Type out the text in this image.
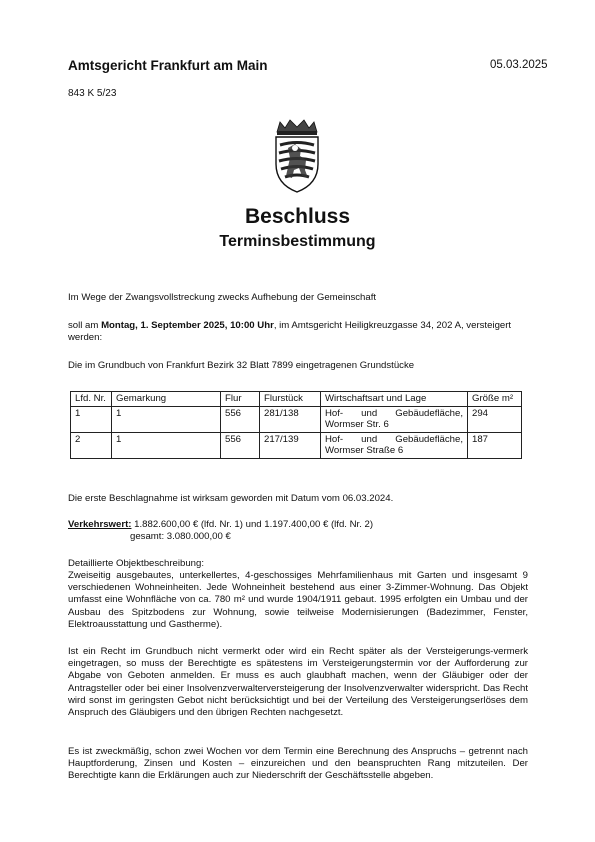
Amtsgericht Frankfurt am Main	05.03.2025
843 K 5/23
Beschluss
Terminsbestimmung
Im Wege der Zwangsvollstreckung zwecks Aufhebung der Gemeinschaft
soll am Montag, 1. September 2025, 10:00 Uhr, im Amtsgericht Heiligkreuzgasse 34, 202 A, versteigert werden:
Die im Grundbuch von Frankfurt Bezirk 32 Blatt 7899 eingetragenen Grundstücke
Lfd. Nr.	Gemarkung	Flur	Flurstück	Wirtschaftsart und Lage	Größe m²
1	1	556	281/138	Hof- und Gebäudefläche, Wormser Str. 6	294
2	1	556	217/139	Hof- und Gebäudefläche, Wormser Straße 6	187
Die erste Beschlagnahme ist wirksam geworden mit Datum vom 06.03.2024.
Verkehrswert: 1.882.600,00 € (lfd. Nr. 1) und 1.197.400,00 € (lfd. Nr. 2)
gesamt: 3.080.000,00 €
Detaillierte Objektbeschreibung:
Zweiseitig ausgebautes, unterkellertes, 4-geschossiges Mehrfamilienhaus mit Garten und insgesamt 9 verschiedenen Wohneinheiten. Jede Wohneinheit bestehend aus einer 3-Zimmer-Wohnung. Das Objekt umfasst eine Wohnfläche von ca. 780 m² und wurde 1904/1911 gebaut. 1995 erfolgten ein Umbau und der Ausbau des Spitzbodens zur Wohnung, sowie teilweise Modernisierungen (Badezimmer, Fenster, Elektroausstattung und Gastherme).
Ist ein Recht im Grundbuch nicht vermerkt oder wird ein Recht später als der Versteigerungs-vermerk eingetragen, so muss der Berechtigte es spätestens im Versteigerungstermin vor der Aufforderung zur Abgabe von Geboten anmelden. Er muss es auch glaubhaft machen, wenn der Gläubiger oder der Antragsteller oder bei einer Insolvenzverwalterversteigerung der Insolvenzverwalter widerspricht. Das Recht wird sonst im geringsten Gebot nicht berücksichtigt und bei der Verteilung des Versteigerungserlöses dem Anspruch des Gläubigers und den übrigen Rechten nachgesetzt.
Es ist zweckmäßig, schon zwei Wochen vor dem Termin eine Berechnung des Anspruchs – getrennt nach Hauptforderung, Zinsen und Kosten – einzureichen und den beanspruchten Rang mitzuteilen. Der Berechtigte kann die Erklärungen auch zur Niederschrift der Geschäftsstelle abgeben.
